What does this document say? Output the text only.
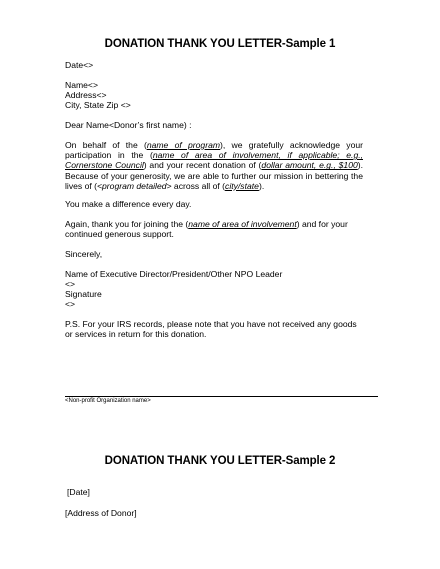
DONATION THANK YOU LETTER-Sample 1
Date<>
Name<>
Address<>
City, State Zip <>
Dear Name<Donor’s first name) :
On behalf of the (name of program), we gratefully acknowledge your participation in the (name of area of involvement, if applicable; e.g., Cornerstone Council) and your recent donation of (dollar amount, e.g., $100). Because of your generosity, we are able to further our mission in bettering the lives of (<program detailed> across all of (city/state).
You make a difference every day.
Again, thank you for joining the (name of area of involvement) and for your continued generous support.
Sincerely,
Name of Executive Director/President/Other NPO Leader
<>
Signature
<>
P.S. For your IRS records, please note that you have not received any goods or services in return for this donation.
<Non-profit Organization name>
DONATION THANK YOU LETTER-Sample 2
[Date]
[Address of Donor]
